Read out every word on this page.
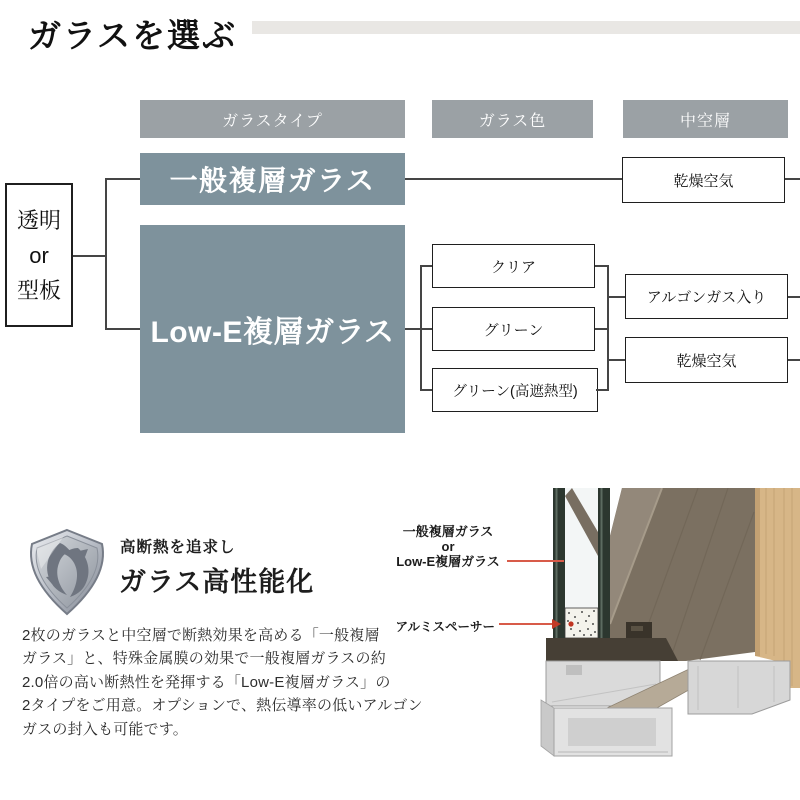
ガラスを選ぶ
ガラスタイプ	ガラス色	中空層
透明
or
型板
一般複層ガラス
Low-E複層ガラス
クリア
グリーン
グリーン(高遮熱型)
乾燥空気
アルゴンガス入り
乾燥空気
高断熱を追求し
ガラス高性能化
2枚のガラスと中空層で断熱効果を高める「一般複層
ガラス」と、特殊金属膜の効果で一般複層ガラスの約
2.0倍の高い断熱性を発揮する「Low-E複層ガラス」の
2タイプをご用意。オプションで、熱伝導率の低いアルゴン
ガスの封入も可能です。
一般複層ガラス
or
Low-E複層ガラス
アルミスペーサー
